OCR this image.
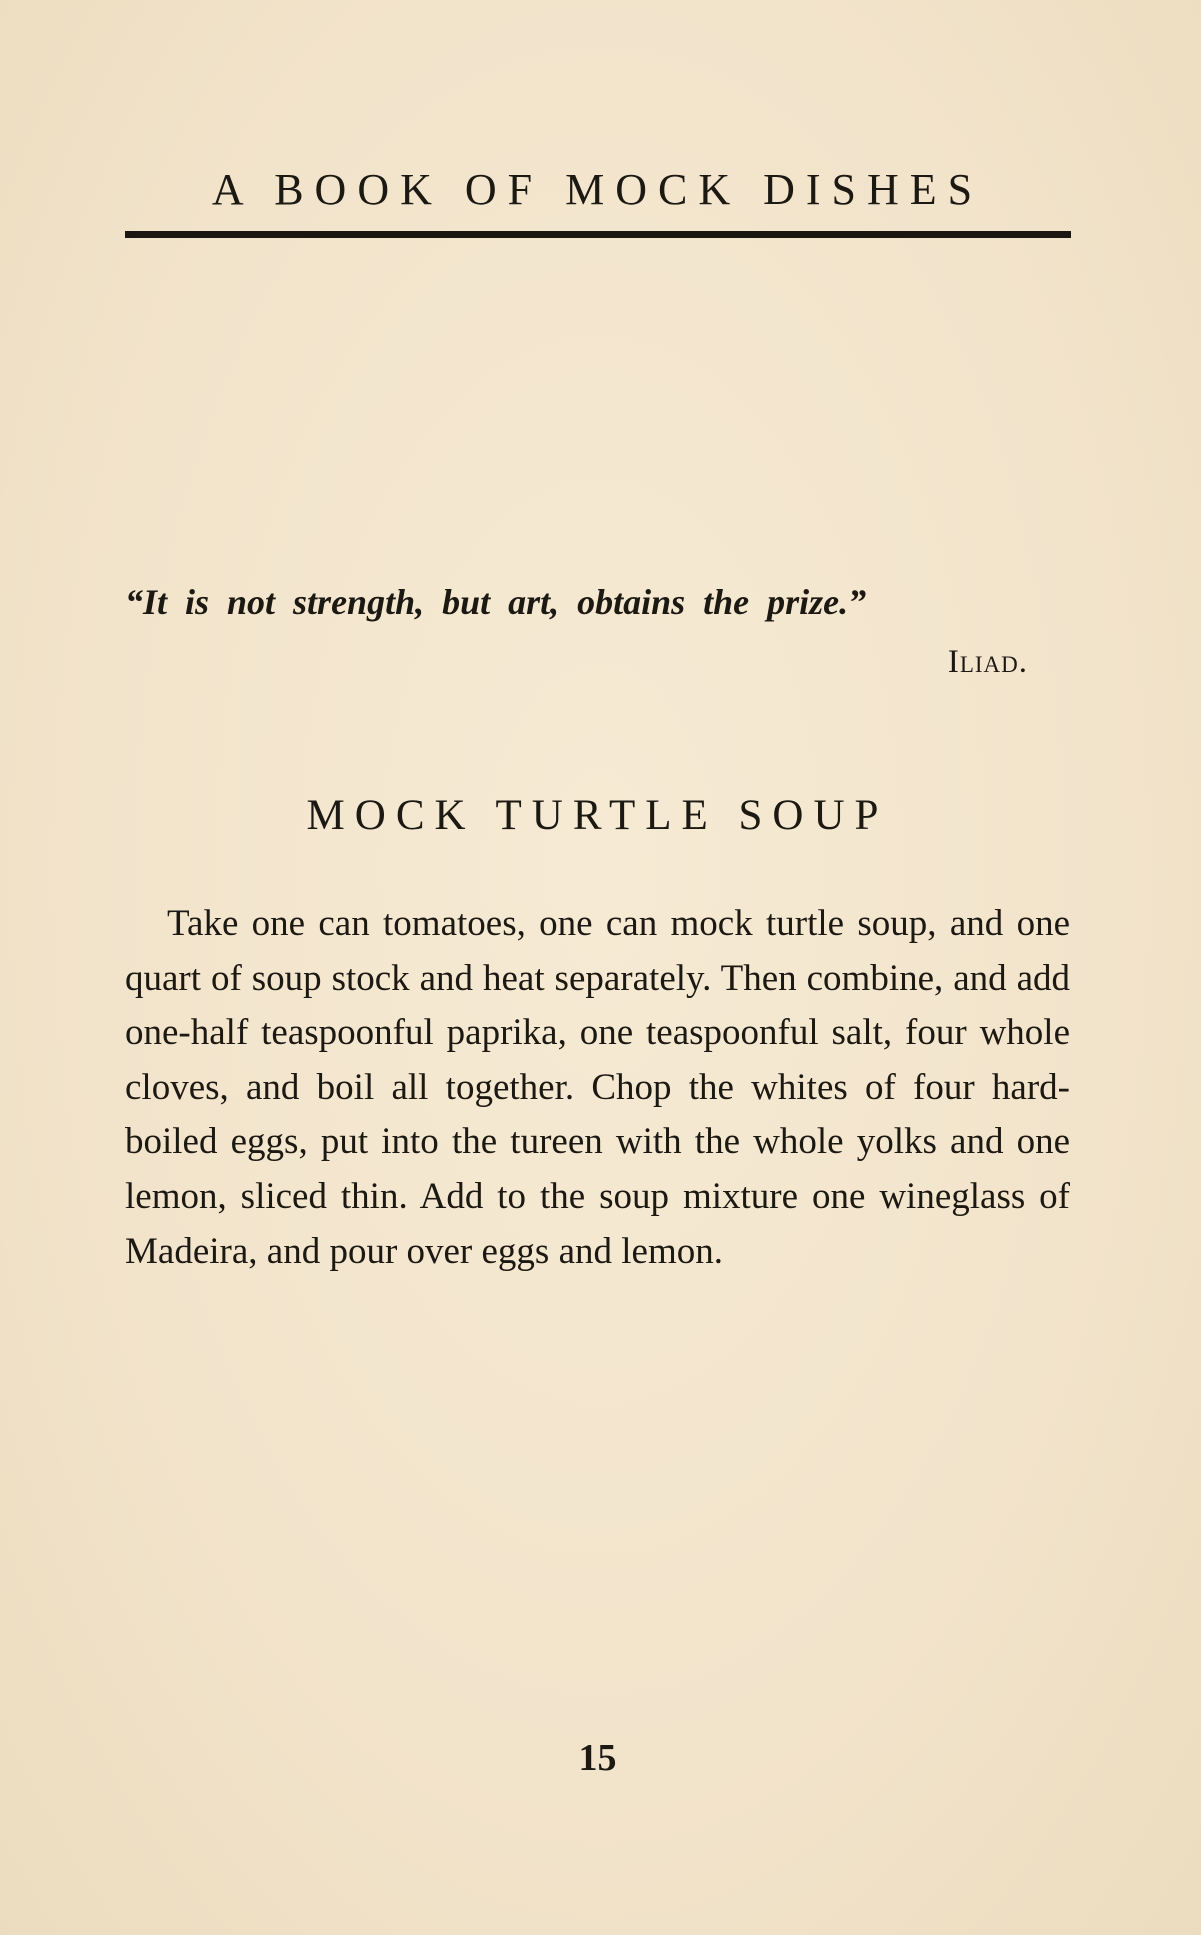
A BOOK OF MOCK DISHES
“It is not strength, but art, obtains the prize.”
Iliad.
MOCK TURTLE SOUP

Take one can tomatoes, one can mock turtle soup, and one quart of soup stock and heat separately. Then combine, and add one-half teaspoonful paprika, one teaspoonful salt, four whole cloves, and boil all together. Chop the whites of four hard-boiled eggs, put into the tureen with the whole yolks and one lemon, sliced thin. Add to the soup mixture one wineglass of Madeira, and pour over eggs and lemon.

15
